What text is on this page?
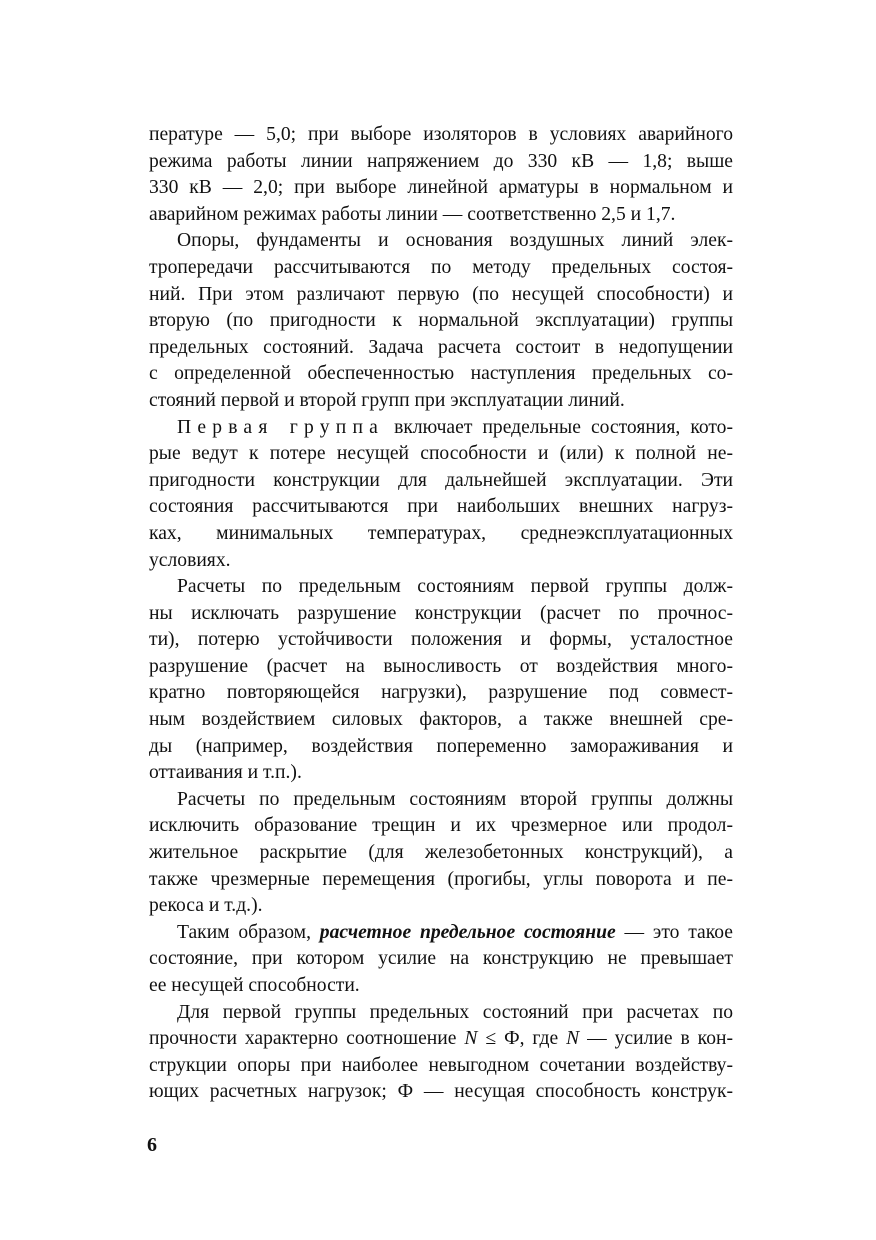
пературе — 5,0; при выборе изоляторов в условиях аварийного
режима работы линии напряжением до 330 кВ — 1,8; выше
330 кВ — 2,0; при выборе линейной арматуры в нормальном и
аварийном режимах работы линии — соответственно 2,5 и 1,7.
Опоры, фундаменты и основания воздушных линий элек-
тропередачи рассчитываются по методу предельных состоя-
ний. При этом различают первую (по несущей способности) и
вторую (по пригодности к нормальной эксплуатации) группы
предельных состояний. Задача расчета состоит в недопущении
с определенной обеспеченностью наступления предельных со-
стояний первой и второй групп при эксплуатации линий.
Первая группа включает предельные состояния, кото-
рые ведут к потере несущей способности и (или) к полной не-
пригодности конструкции для дальнейшей эксплуатации. Эти
состояния рассчитываются при наибольших внешних нагруз-
ках, минимальных температурах, среднеэксплуатационных
условиях.
Расчеты по предельным состояниям первой группы долж-
ны исключать разрушение конструкции (расчет по прочнос-
ти), потерю устойчивости положения и формы, усталостное
разрушение (расчет на выносливость от воздействия много-
кратно повторяющейся нагрузки), разрушение под совмест-
ным воздействием силовых факторов, а также внешней сре-
ды (например, воздействия попеременно замораживания и
оттаивания и т.п.).
Расчеты по предельным состояниям второй группы должны
исключить образование трещин и их чрезмерное или продол-
жительное раскрытие (для железобетонных конструкций), а
также чрезмерные перемещения (прогибы, углы поворота и пе-
рекоса и т.д.).
Таким образом, расчетное предельное состояние — это такое
состояние, при котором усилие на конструкцию не превышает
ее несущей способности.
Для первой группы предельных состояний при расчетах по
прочности характерно соотношение N ≤ Ф, где N — усилие в кон-
струкции опоры при наиболее невыгодном сочетании воздейству-
ющих расчетных нагрузок; Ф — несущая способность конструк-
6
